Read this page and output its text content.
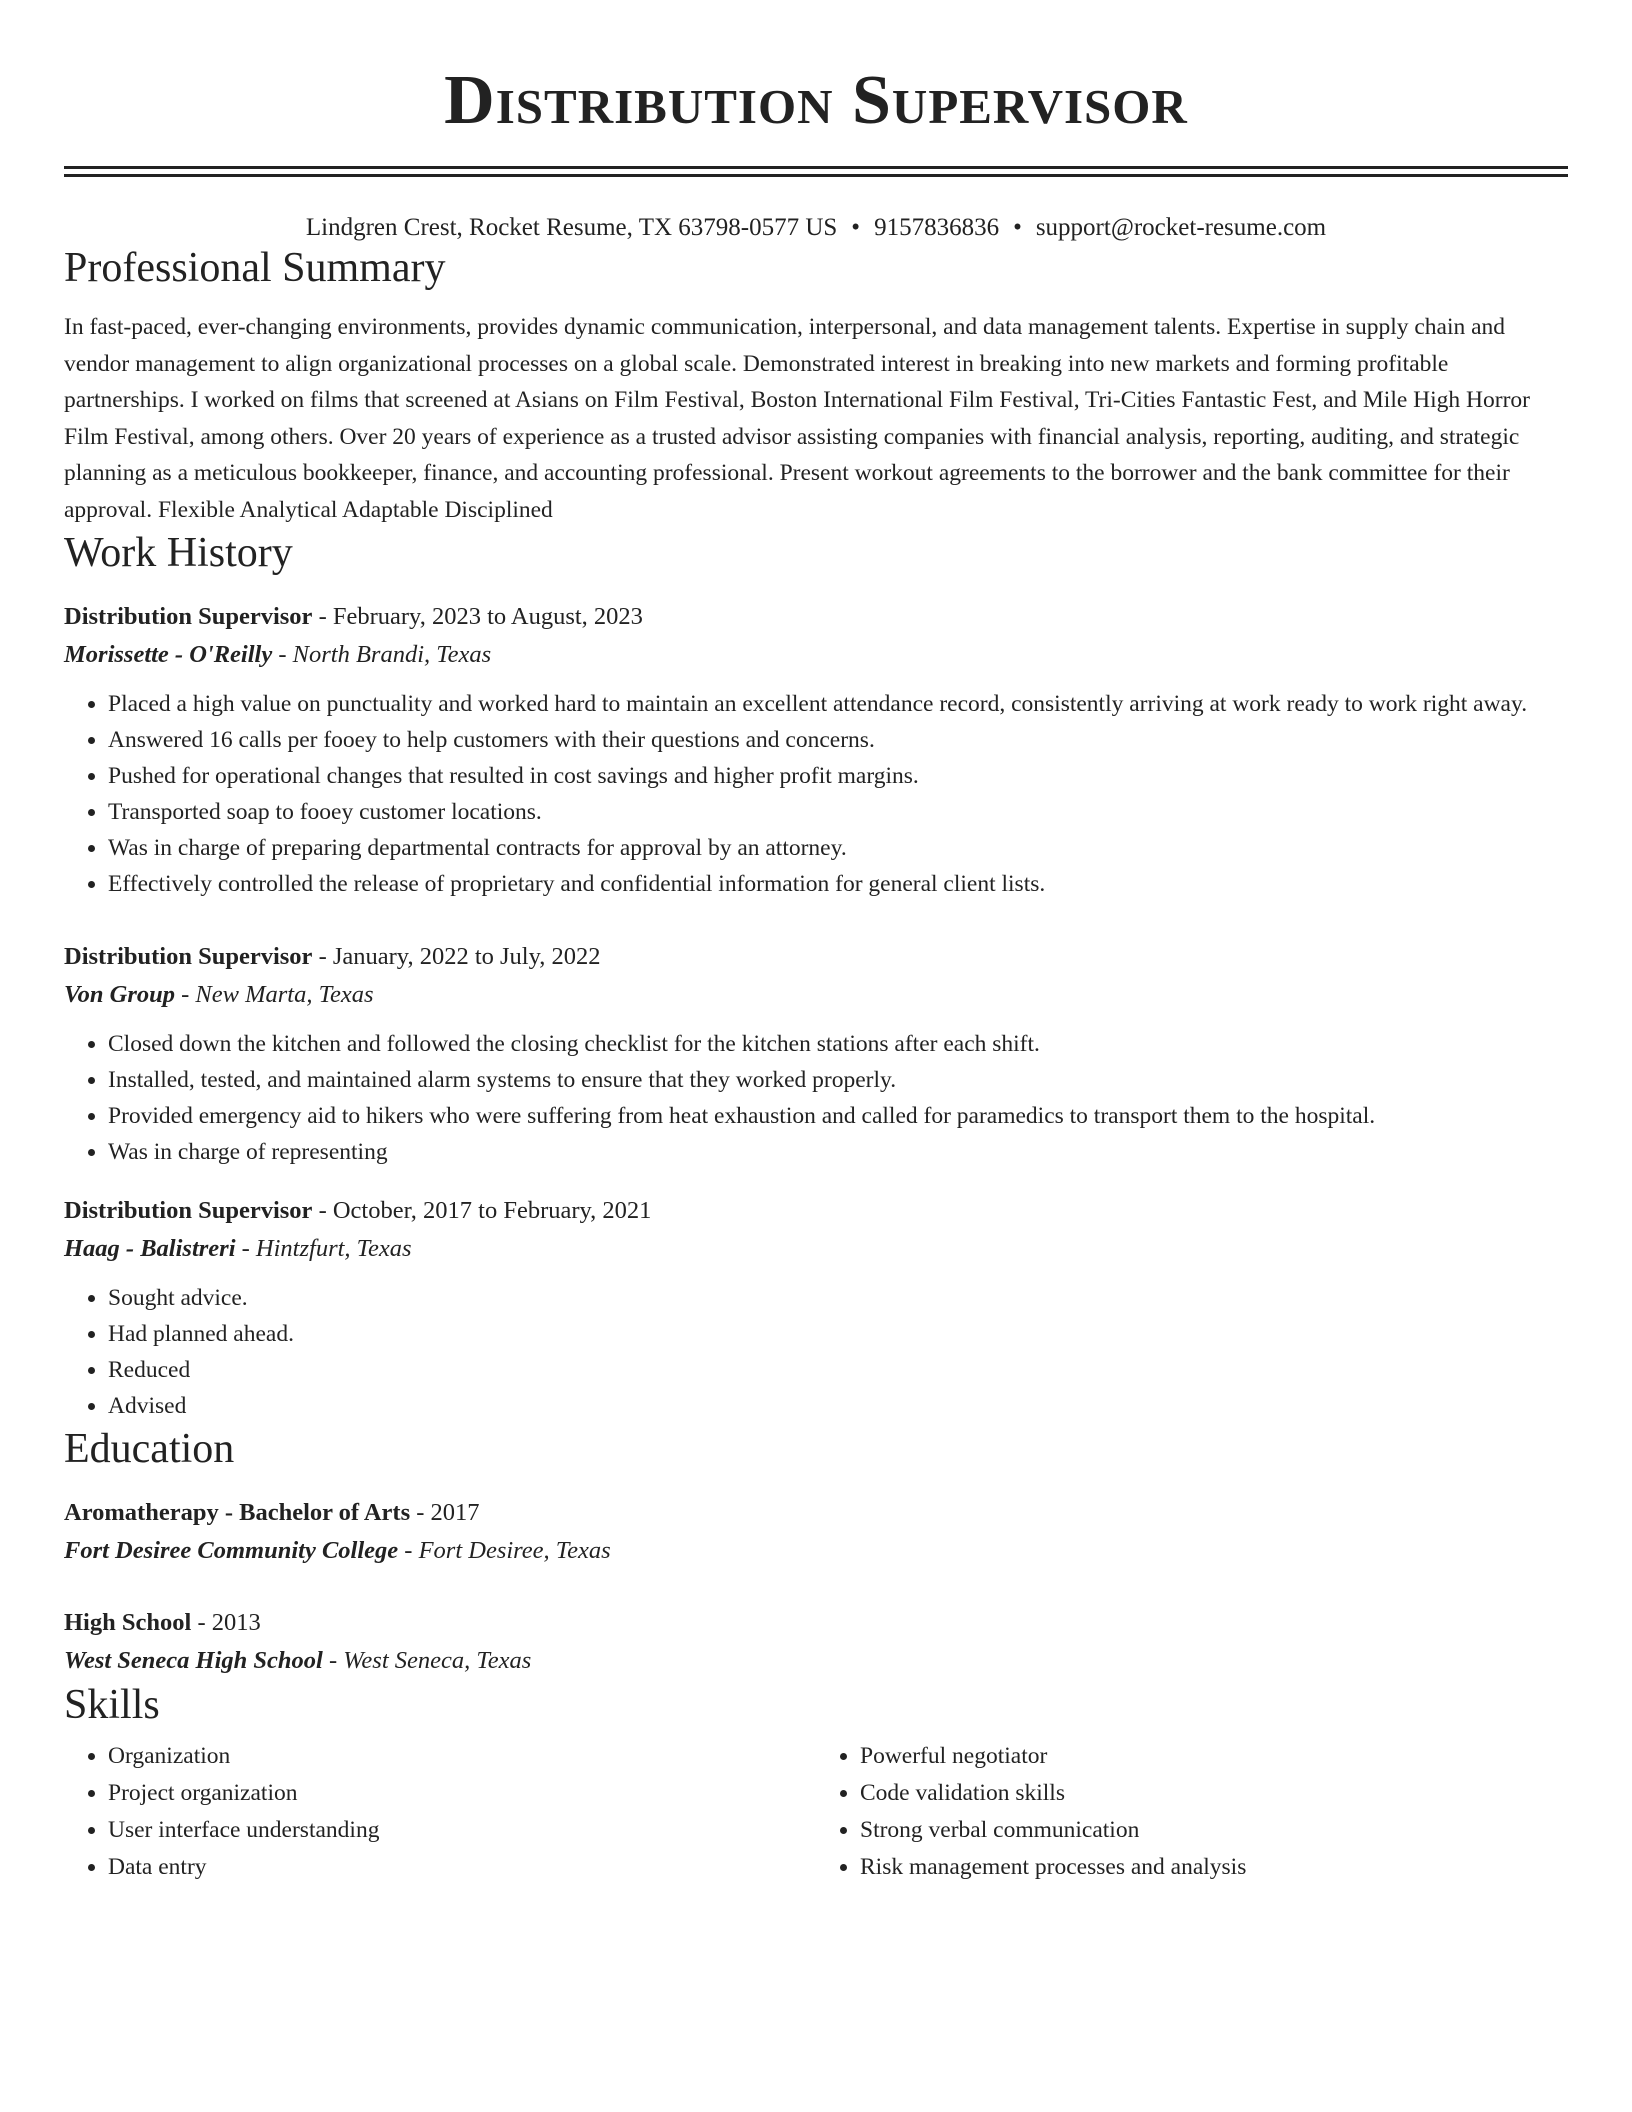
Distribution Supervisor
Lindgren Crest, Rocket Resume, TX 63798-0577 US • 9157836836 • support@rocket-resume.com
Professional Summary

In fast-paced, ever-changing environments, provides dynamic communication, interpersonal, and data management talents. Expertise in supply chain and vendor management to align organizational processes on a global scale. Demonstrated interest in breaking into new markets and forming profitable partnerships. I worked on films that screened at Asians on Film Festival, Boston International Film Festival, Tri-Cities Fantastic Fest, and Mile High Horror Film Festival, among others. Over 20 years of experience as a trusted advisor assisting companies with financial analysis, reporting, auditing, and strategic planning as a meticulous bookkeeper, finance, and accounting professional. Present workout agreements to the borrower and the bank committee for their approval. Flexible Analytical Adaptable Disciplined

Work History
Distribution Supervisor - February, 2023 to August, 2023
Morissette - O'Reilly - North Brandi, Texas
• Placed a high value on punctuality and worked hard to maintain an excellent attendance record, consistently arriving at work ready to work right away.
• Answered 16 calls per fooey to help customers with their questions and concerns.
• Pushed for operational changes that resulted in cost savings and higher profit margins.
• Transported soap to fooey customer locations.
• Was in charge of preparing departmental contracts for approval by an attorney.
• Effectively controlled the release of proprietary and confidential information for general client lists.
Distribution Supervisor - January, 2022 to July, 2022
Von Group - New Marta, Texas
• Closed down the kitchen and followed the closing checklist for the kitchen stations after each shift.
• Installed, tested, and maintained alarm systems to ensure that they worked properly.
• Provided emergency aid to hikers who were suffering from heat exhaustion and called for paramedics to transport them to the hospital.
• Was in charge of representing
Distribution Supervisor - October, 2017 to February, 2021
Haag - Balistreri - Hintzfurt, Texas
• Sought advice.
• Had planned ahead.
• Reduced
• Advised
Education
Aromatherapy - Bachelor of Arts - 2017
Fort Desiree Community College - Fort Desiree, Texas
High School - 2013
West Seneca High School - West Seneca, Texas
Skills
• Organization
• Project organization
• User interface understanding
• Data entry
• Powerful negotiator
• Code validation skills
• Strong verbal communication
• Risk management processes and analysis
